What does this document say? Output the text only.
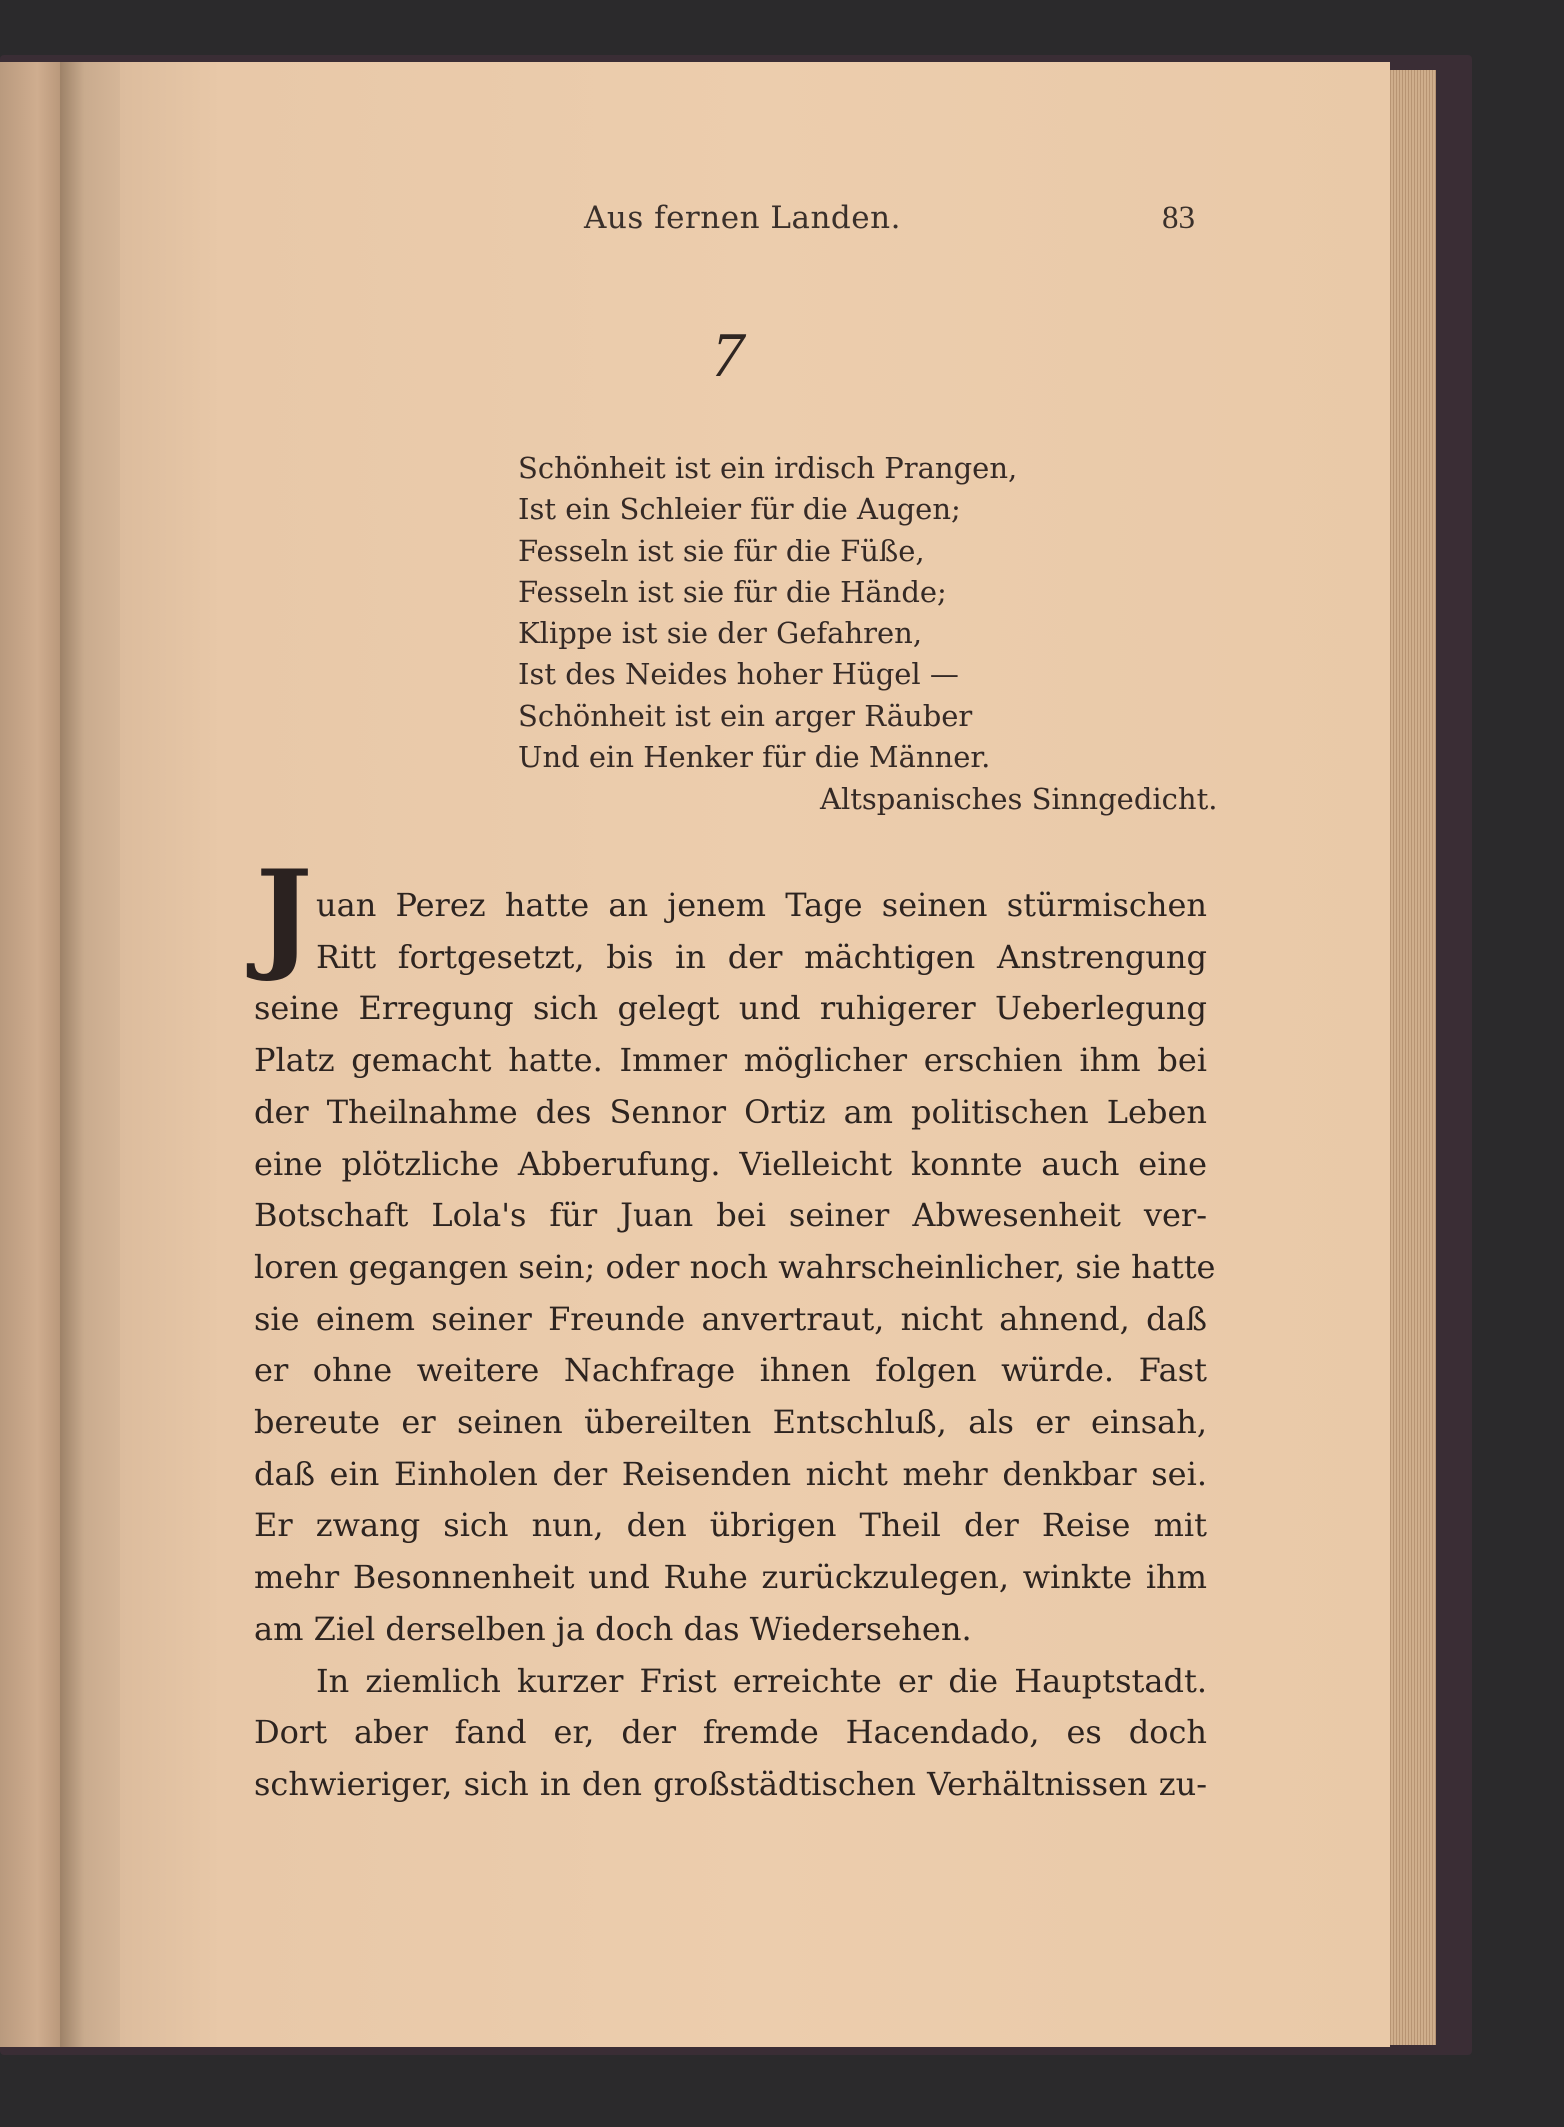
Aus fernen Landen.	83
7
Schönheit ist ein irdisch Prangen,
Ist ein Schleier für die Augen;
Fesseln ist sie für die Füße,
Fesseln ist sie für die Hände;
Klippe ist sie der Gefahren,
Ist des Neides hoher Hügel —
Schönheit ist ein arger Räuber
Und ein Henker für die Männer.
Altspanisches Sinngedicht.
J uan Perez hatte an jenem Tage seinen stürmischen
Ritt fortgesetzt, bis in der mächtigen Anstrengung
seine Erregung sich gelegt und ruhigerer Ueberlegung
Platz gemacht hatte. Immer möglicher erschien ihm bei
der Theilnahme des Sennor Ortiz am politischen Leben
eine plötzliche Abberufung. Vielleicht konnte auch eine
Botschaft Lola's für Juan bei seiner Abwesenheit ver-
loren gegangen sein; oder noch wahrscheinlicher, sie hatte
sie einem seiner Freunde anvertraut, nicht ahnend, daß
er ohne weitere Nachfrage ihnen folgen würde. Fast
bereute er seinen übereilten Entschluß, als er einsah,
daß ein Einholen der Reisenden nicht mehr denkbar sei.
Er zwang sich nun, den übrigen Theil der Reise mit
mehr Besonnenheit und Ruhe zurückzulegen, winkte ihm
am Ziel derselben ja doch das Wiedersehen.
In ziemlich kurzer Frist erreichte er die Hauptstadt.
Dort aber fand er, der fremde Hacendado, es doch
schwieriger, sich in den großstädtischen Verhältnissen zu-
